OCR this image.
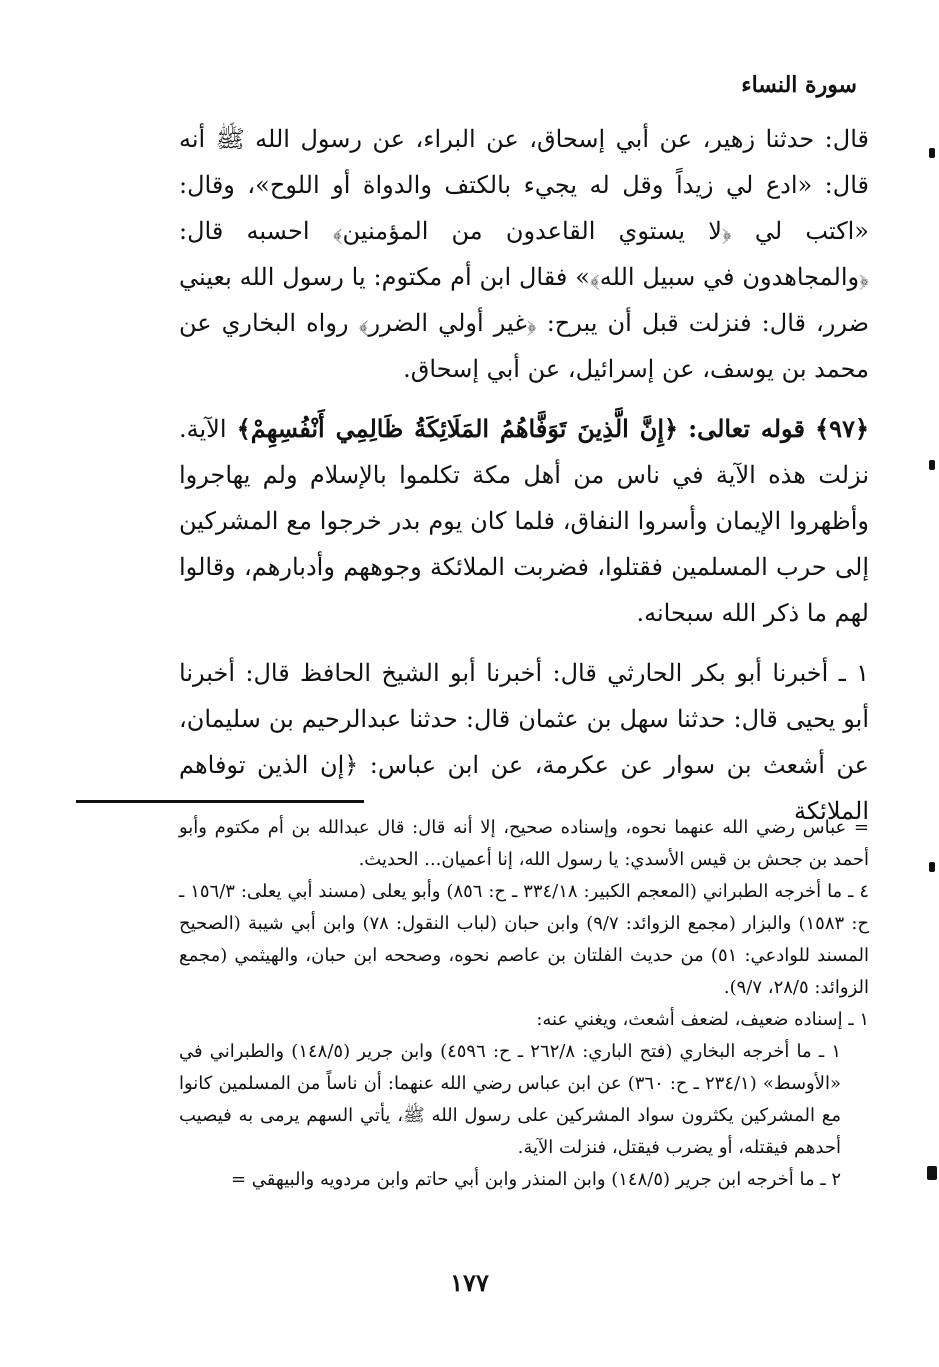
سورة النساء

قال: حدثنا زهير، عن أبي إسحاق، عن البراء، عن رسول الله ﷺ أنه قال: «ادع لي زيداً وقل له يجيء بالكتف والدواة أو اللوح»، وقال: «اكتب لي ﴿لا يستوي القاعدون من المؤمنين﴾ احسبه قال: ﴿والمجاهدون في سبيل الله﴾» فقال ابن أم مكتوم: يا رسول الله بعيني ضرر، قال: فنزلت قبل أن يبرح: ﴿غير أولي الضرر﴾ رواه البخاري عن محمد بن يوسف، عن إسرائيل، عن أبي إسحاق.

﴿٩٧﴾ قوله تعالى: ﴿إِنَّ الَّذِينَ تَوَفَّاهُمُ المَلَائِكَةُ ظَالِمِي أَنْفُسِهِمْ﴾ الآية. نزلت هذه الآية في ناس من أهل مكة تكلموا بالإسلام ولم يهاجروا وأظهروا الإيمان وأسروا النفاق، فلما كان يوم بدر خرجوا مع المشركين إلى حرب المسلمين فقتلوا، فضربت الملائكة وجوههم وأدبارهم، وقالوا لهم ما ذكر الله سبحانه.

١ ـ أخبرنا أبو بكر الحارثي قال: أخبرنا أبو الشيخ الحافظ قال: أخبرنا أبو يحيى قال: حدثنا سهل بن عثمان قال: حدثنا عبدالرحيم بن سليمان، عن أشعث بن سوار عن عكرمة، عن ابن عباس: ﴿إن الذين توفاهم الملائكة

= عباس رضي الله عنهما نحوه، وإسناده صحيح، إلا أنه قال: قال عبدالله بن أم مكتوم وأبو أحمد بن جحش بن قيس الأسدي: يا رسول الله، إنا أعميان... الحديث.

٤ ـ ما أخرجه الطبراني (المعجم الكبير: ٣٣٤/١٨ ـ ح: ٨٥٦) وأبو يعلى (مسند أبي يعلى: ١٥٦/٣ ـ ح: ١٥٨٣) والبزار (مجمع الزوائد: ٩/٧) وابن حبان (لباب النقول: ٧٨) وابن أبي شيبة (الصحيح المسند للوادعي: ٥١) من حديث الفلتان بن عاصم نحوه، وصححه ابن حبان، والهيثمي (مجمع الزوائد: ٢٨/٥، ٩/٧).

١ ـ إسناده ضعيف، لضعف أشعث، ويغني عنه:

١ ـ ما أخرجه البخاري (فتح الباري: ٢٦٢/٨ ـ ح: ٤٥٩٦) وابن جرير (١٤٨/٥) والطبراني في «الأوسط» (٢٣٤/١ ـ ح: ٣٦٠) عن ابن عباس رضي الله عنهما: أن ناساً من المسلمين كانوا مع المشركين يكثرون سواد المشركين على رسول الله ﷺ، يأتي السهم يرمى به فيصيب أحدهم فيقتله، أو يضرب فيقتل، فنزلت الآية.

٢ ـ ما أخرجه ابن جرير (١٤٨/٥) وابن المنذر وابن أبي حاتم وابن مردويه والبيهقي =

١٧٧
